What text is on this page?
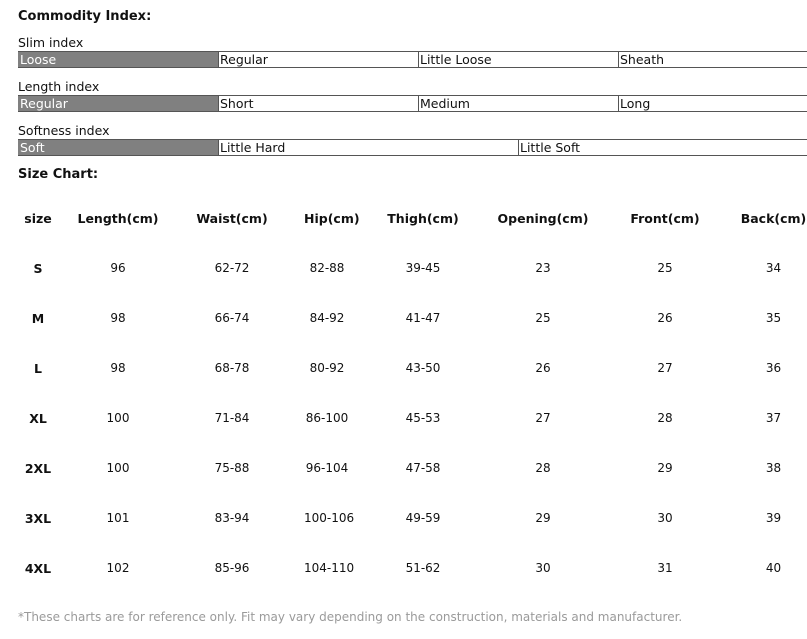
Commodity Index:
Slim index
Loose	Regular	Little Loose	Sheath
Length index
Regular	Short	Medium	Long
Softness index
Soft	Little Hard	Little Soft
Size Chart:
size	Length(cm)	Waist(cm)	Hip(cm)	Thigh(cm)	Opening(cm)	Front(cm)	Back(cm)
S	96	62-72	82-88	39-45	23	25	34
M	98	66-74	84-92	41-47	25	26	35
L	98	68-78	80-92	43-50	26	27	36
XL	100	71-84	86-100	45-53	27	28	37
2XL	100	75-88	96-104	47-58	28	29	38
3XL	101	83-94	100-106	49-59	29	30	39
4XL	102	85-96	104-110	51-62	30	31	40
*These charts are for reference only. Fit may vary depending on the construction, materials and manufacturer.
